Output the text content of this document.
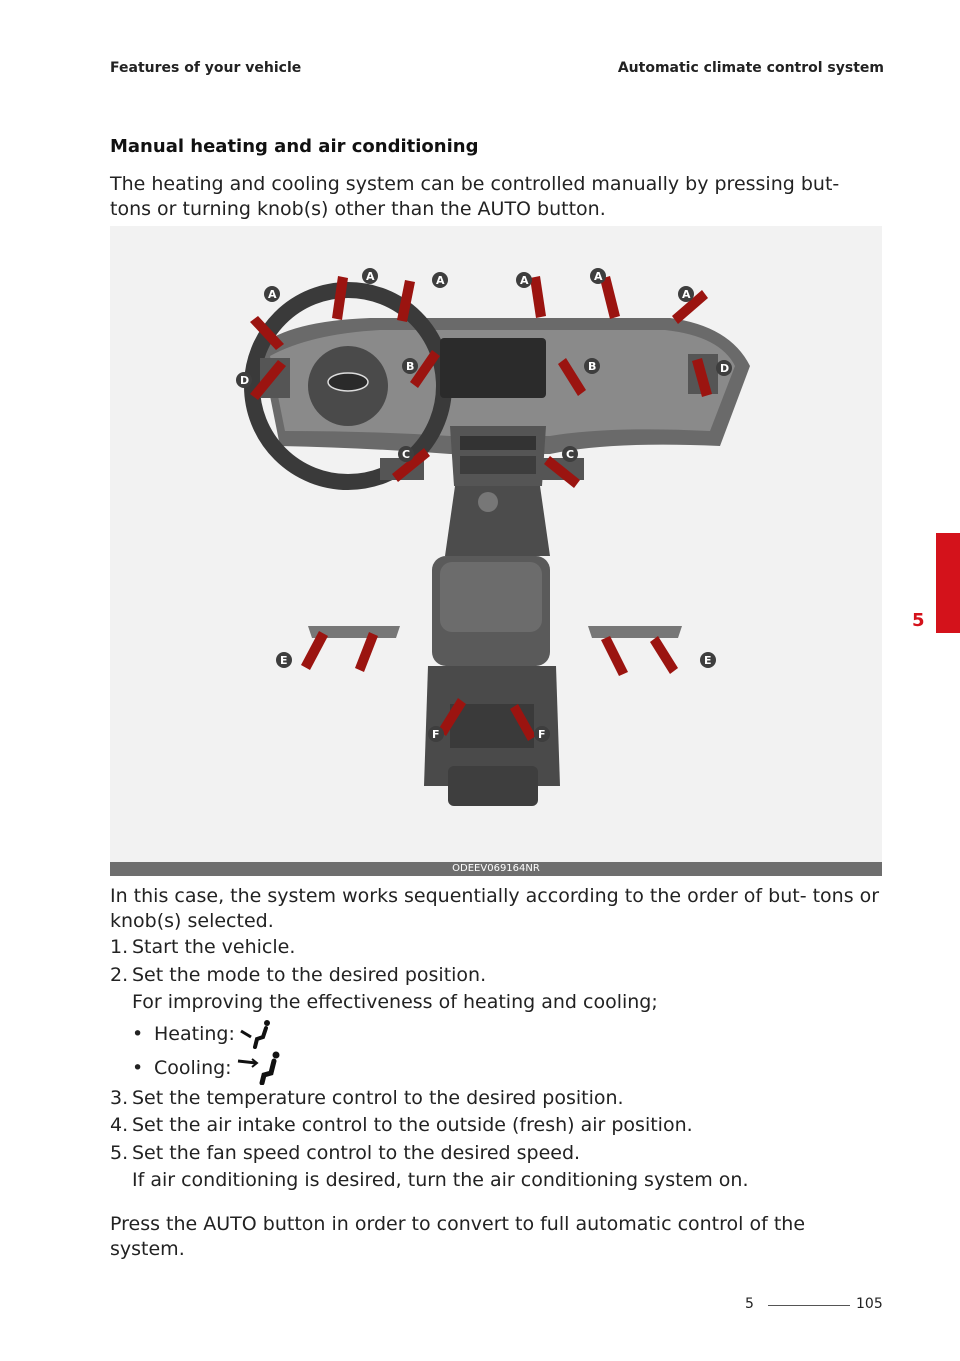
Features of your vehicle	Automatic climate control system
Manual heating and air conditioning
The heating and cooling system can be controlled manually by pressing but- tons or turning knob(s) other than the AUTO button.
A
A	A	A	A
A
B	B
C	C
D
D
E	E
F	F
ODEEV069164NR
In this case, the system works sequentially according to the order of but- tons or knob(s) selected.
1. Start the vehicle.
2. Set the mode to the desired position.
For improving the effectiveness of heating and cooling;
• Heating:
• Cooling:
3. Set the temperature control to the desired position.
4. Set the air intake control to the outside (fresh) air position.
5. Set the fan speed control to the desired speed.
If air conditioning is desired, turn the air conditioning system on.
Press the AUTO button in order to convert to full automatic control of the system.
5
5	105
